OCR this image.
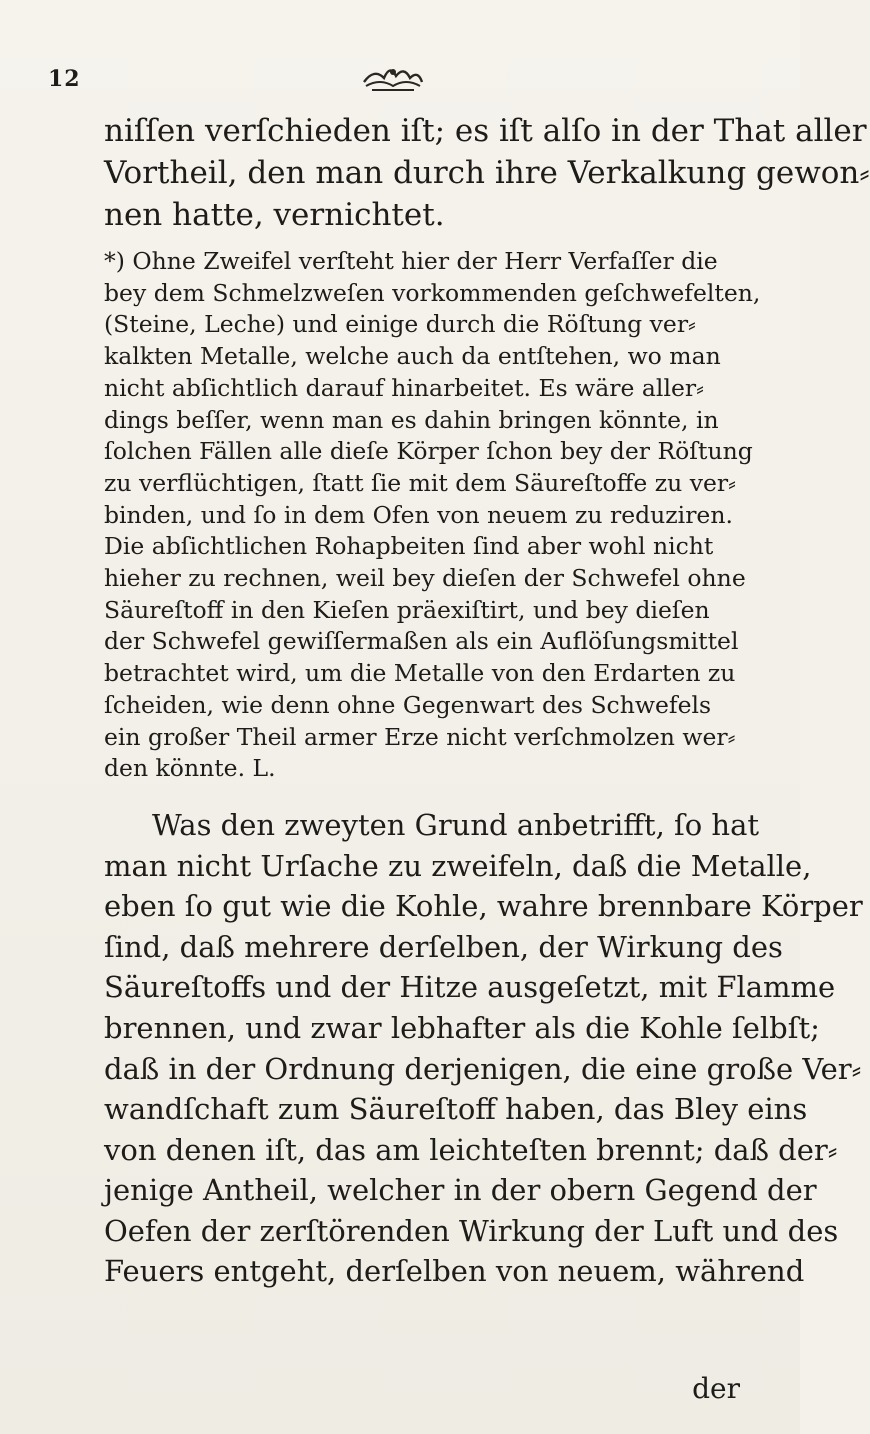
12

niſſen verſchieden iſt; es iſt alſo in der That aller
Vortheil, den man durch ihre Verkalkung gewon⸗
nen hatte, vernichtet.

*) Ohne Zweifel verſteht hier der Herr Verfaſſer die
bey dem Schmelzweſen vorkommenden geſchwefelten,
(Steine, Leche) und einige durch die Röſtung ver⸗
kalkten Metalle, welche auch da entſtehen, wo man
nicht abſichtlich darauf hinarbeitet. Es wäre aller⸗
dings beſſer, wenn man es dahin bringen könnte, in
ſolchen Fällen alle dieſe Körper ſchon bey der Röſtung
zu verflüchtigen, ſtatt ſie mit dem Säureſtoffe zu ver⸗
binden, und ſo in dem Ofen von neuem zu reduziren.
Die abſichtlichen Rohарbeiten ſind aber wohl nicht
hieher zu rechnen, weil bey dieſen der Schwefel ohne
Säureſtoff in den Kieſen präexiſtirt, und bey dieſen
der Schwefel gewiſſermaßen als ein Auflöſungsmittel
betrachtet wird, um die Metalle von den Erdarten zu
ſcheiden, wie denn ohne Gegenwart des Schwefels
ein großer Theil armer Erze nicht verſchmolzen wer⸗
den könnte. L.
Was den zweyten Grund anbetrifft, ſo hat
man nicht Urſache zu zweifeln, daß die Metalle,
eben ſo gut wie die Kohle, wahre brennbare Körper
ſind, daß mehrere derſelben, der Wirkung des
Säureſtoffs und der Hitze ausgeſetzt, mit Flamme
brennen, und zwar lebhafter als die Kohle ſelbſt;
daß in der Ordnung derjenigen, die eine große Ver⸗
wandſchaft zum Säureſtoff haben, das Bley eins
von denen iſt, das am leichteſten brennt; daß der⸗
jenige Antheil, welcher in der obern Gegend der
Oefen der zerſtörenden Wirkung der Luft und des
Feuers entgeht, derſelben von neuem, während
der
